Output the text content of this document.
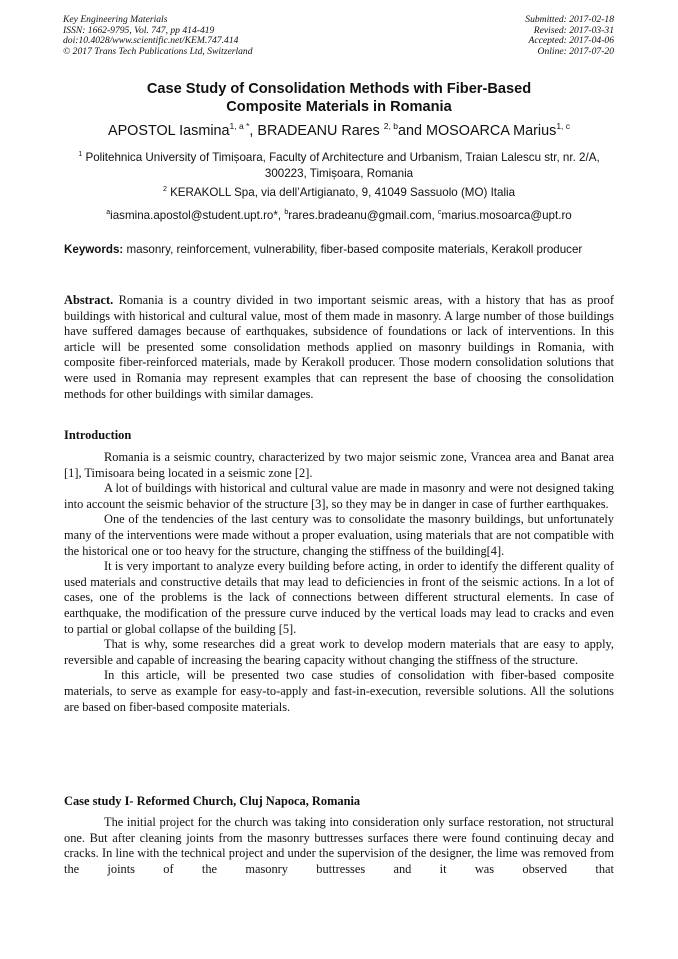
Key Engineering Materials
ISSN: 1662-9795, Vol. 747, pp 414-419
doi:10.4028/www.scientific.net/KEM.747.414
© 2017 Trans Tech Publications Ltd, Switzerland
Submitted: 2017-02-18
Revised: 2017-03-31
Accepted: 2017-04-06
Online: 2017-07-20
Case Study of Consolidation Methods with Fiber-Based
Composite Materials in Romania
APOSTOL Iasmina$^{1, a *}$, BRADEANU Rares $^{2, b}$and MOSOARCA Marius$^{1, c}$
$^1$ Politehnica University of Timișoara, Faculty of Architecture and Urbanism, Traian Lalescu str, nr. 2/A, 300223, Timișoara, Romania
$^2$ KERAKOLL Spa, via dell’Artigianato, 9, 41049 Sassuolo (MO) Italia
$^a$iasmina.apostol@student.upt.ro*, $^b$rares.bradeanu@gmail.com, $^c$marius.mosoarca@upt.ro
Keywords: masonry, reinforcement, vulnerability, fiber-based composite materials, Kerakoll producer
Abstract. Romania is a country divided in two important seismic areas, with a history that has as proof buildings with historical and cultural value, most of them made in masonry. A large number of those buildings have suffered damages because of earthquakes, subsidence of foundations or lack of interventions. In this article will be presented some consolidation methods applied on masonry buildings in Romania, with composite fiber-reinforced materials, made by Kerakoll producer. Those modern consolidation solutions that were used in Romania may represent examples that can represent the base of choosing the consolidation methods for other buildings with similar damages.
Introduction

Romania is a seismic country, characterized by two major seismic zone, Vrancea area and Banat area [1], Timisoara being located in a seismic zone [2].

A lot of buildings with historical and cultural value are made in masonry and were not designed taking into account the seismic behavior of the structure [3], so they may be in danger in case of further earthquakes.

One of the tendencies of the last century was to consolidate the masonry buildings, but unfortunately many of the interventions were made without a proper evaluation, using materials that are not compatible with the historical one or too heavy for the structure, changing the stiffness of the building[4].

It is very important to analyze every building before acting, in order to identify the different quality of used materials and constructive details that may lead to deficiencies in front of the seismic actions. In a lot of cases, one of the problems is the lack of connections between different structural elements. In case of earthquake, the modification of the pressure curve induced by the vertical loads may lead to cracks and even to partial or global collapse of the building [5].

That is why, some researches did a great work to develop modern materials that are easy to apply, reversible and capable of increasing the bearing capacity without changing the stiffness of the structure.

In this article, will be presented two case studies of consolidation with fiber-based composite materials, to serve as example for easy-to-apply and fast-in-execution, reversible solutions. All the solutions are based on fiber-based composite materials.

Case study I- Reformed Church, Cluj Napoca, Romania

The initial project for the church was taking into consideration only surface restoration, not structural one. But after cleaning joints from the masonry buttresses surfaces there were found continuing decay and cracks. In line with the technical project and under the supervision of the designer, the lime was removed from the joints of the masonry buttresses and it was observed that
